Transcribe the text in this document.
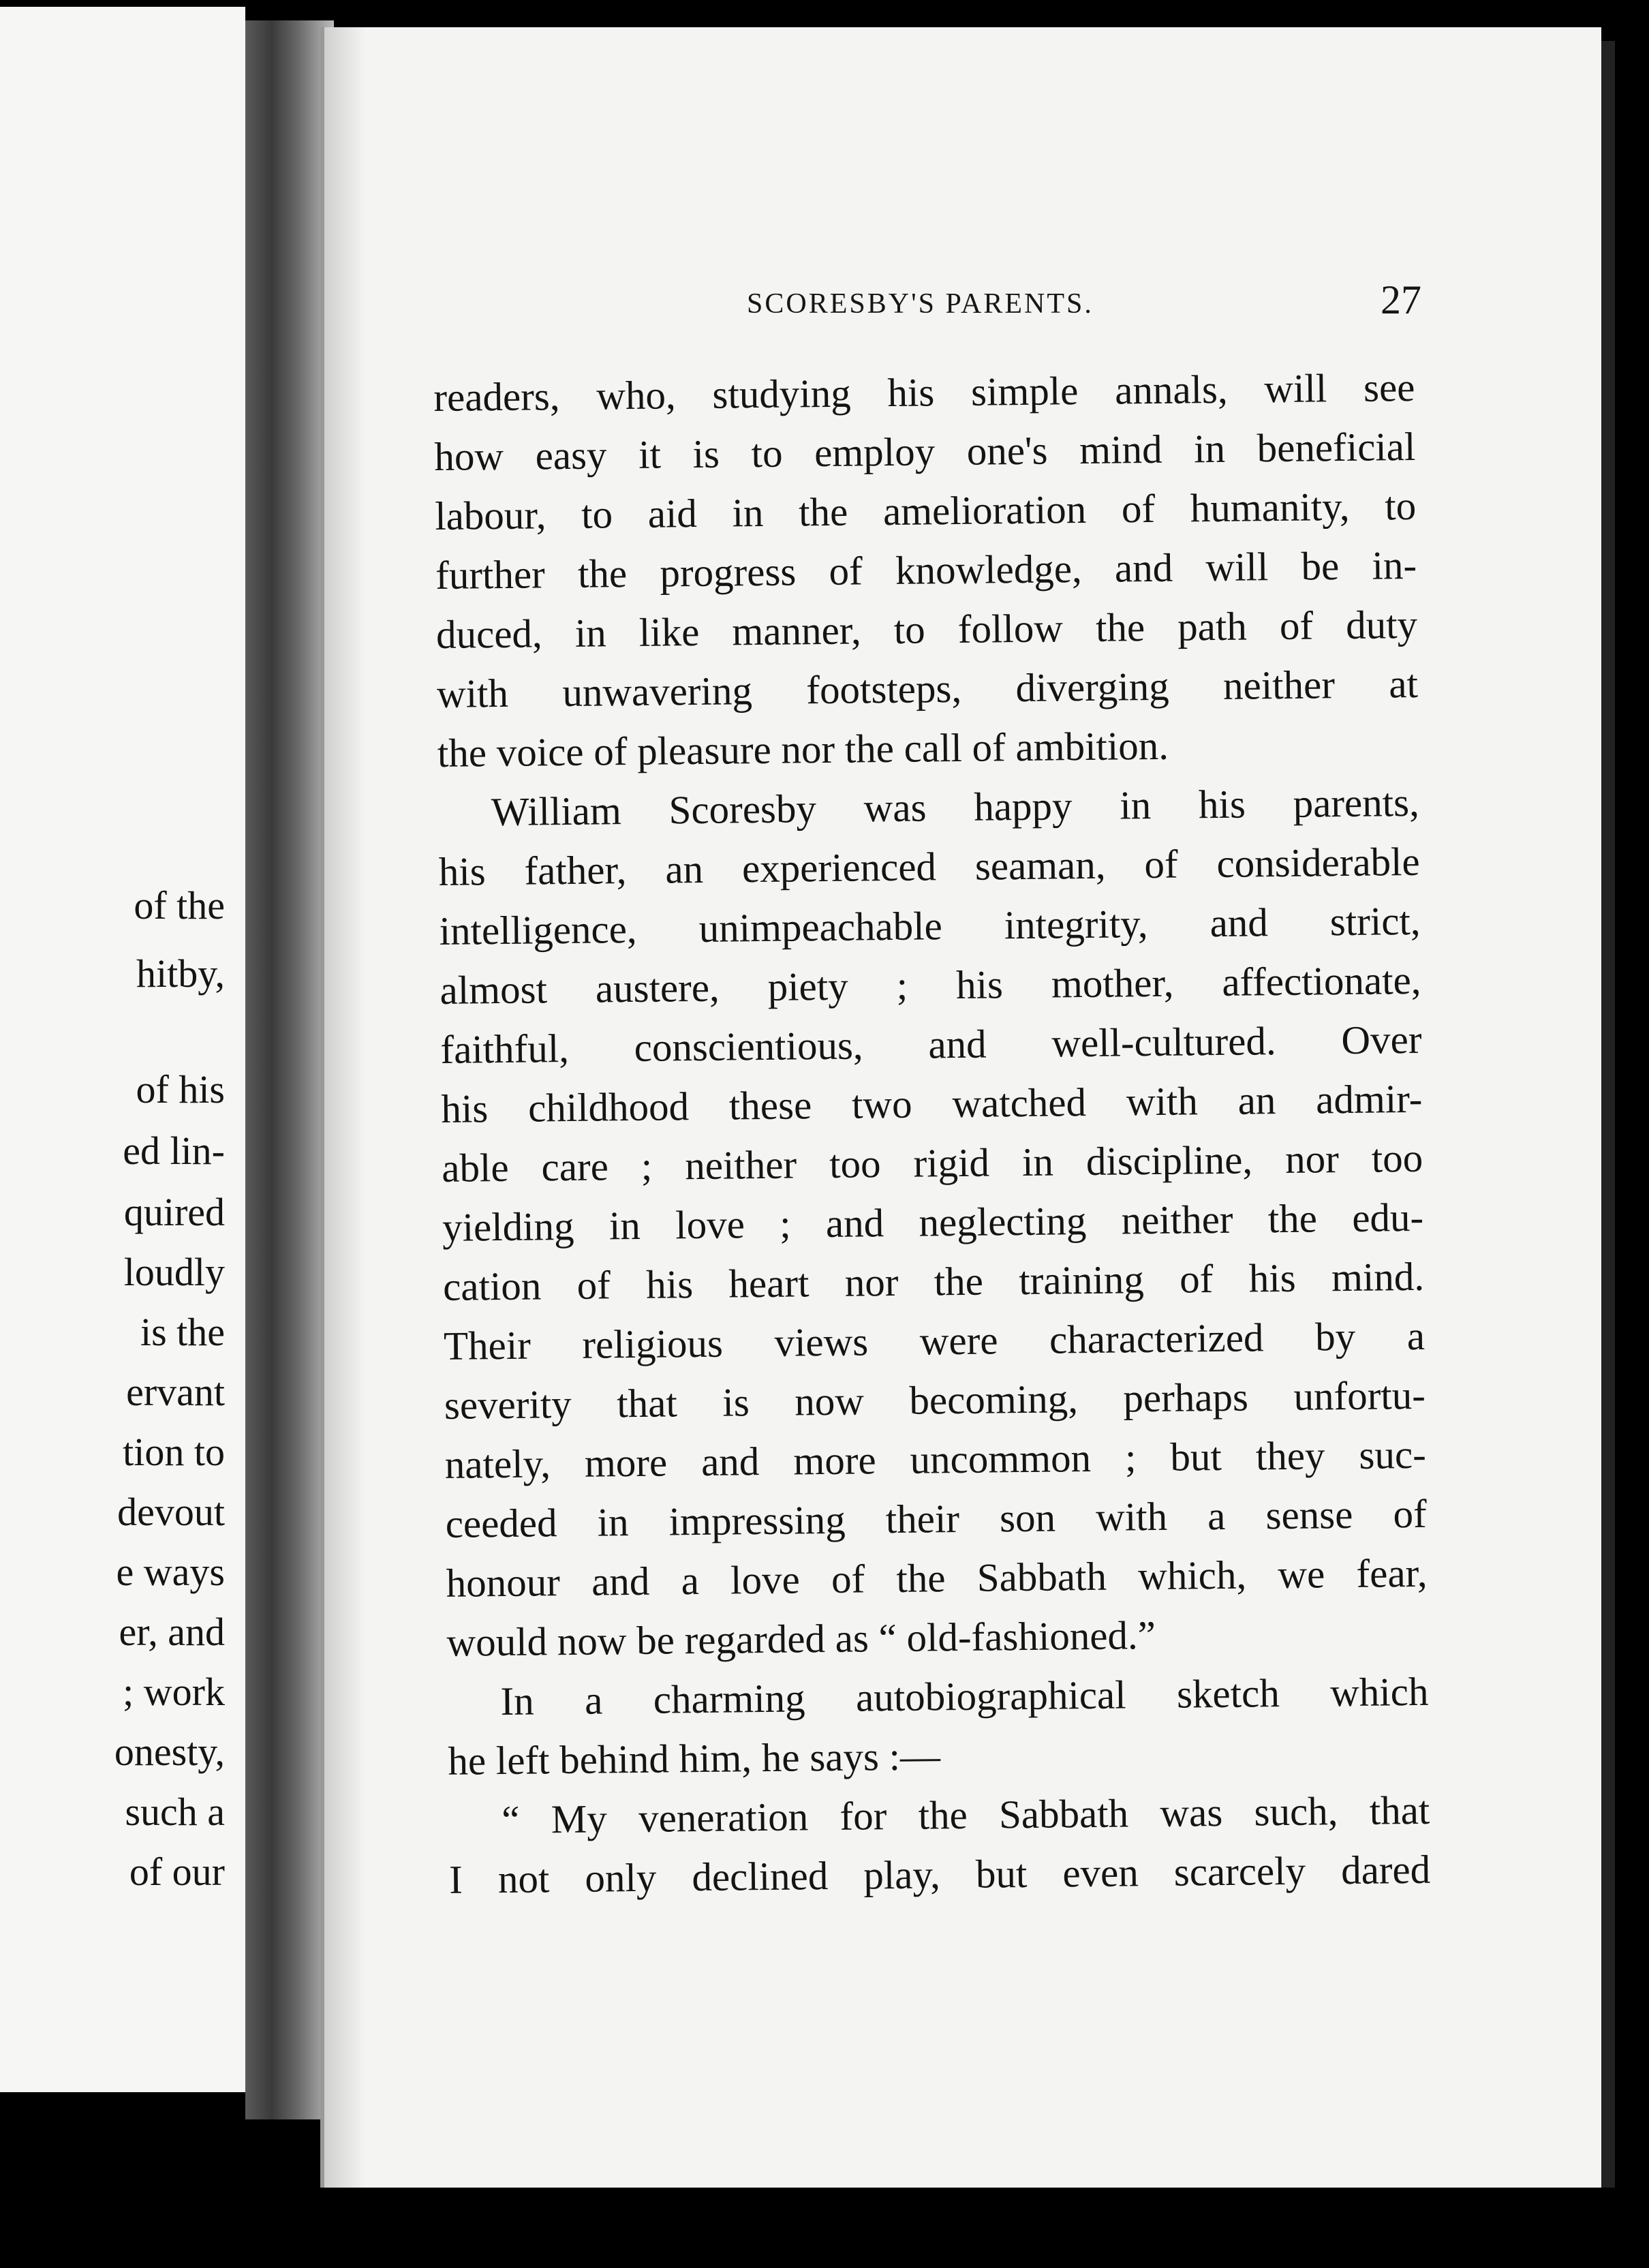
of the
hitby,
of his
ed lin-
quired
loudly
is the
ervant
tion to
devout
e ways
er, and
; work
onesty,
such a
of our
SCORESBY'S PARENTS.	27
readers, who, studying his simple annals, will see
how easy it is to employ one's mind in beneficial
labour, to aid in the amelioration of humanity, to
further the progress of knowledge, and will be in-
duced, in like manner, to follow the path of duty
with unwavering footsteps, diverging neither at
the voice of pleasure nor the call of ambition.
William Scoresby was happy in his parents,
his father, an experienced seaman, of considerable
intelligence, unimpeachable integrity, and strict,
almost austere, piety ; his mother, affectionate,
faithful, conscientious, and well-cultured. Over
his childhood these two watched with an admir-
able care ; neither too rigid in discipline, nor too
yielding in love ; and neglecting neither the edu-
cation of his heart nor the training of his mind.
Their religious views were characterized by a
severity that is now becoming, perhaps unfortu-
nately, more and more uncommon ; but they suc-
ceeded in impressing their son with a sense of
honour and a love of the Sabbath which, we fear,
would now be regarded as “ old-fashioned.”
In a charming autobiographical sketch which
he left behind him, he says :—
“ My veneration for the Sabbath was such, that
I not only declined play, but even scarcely dared
